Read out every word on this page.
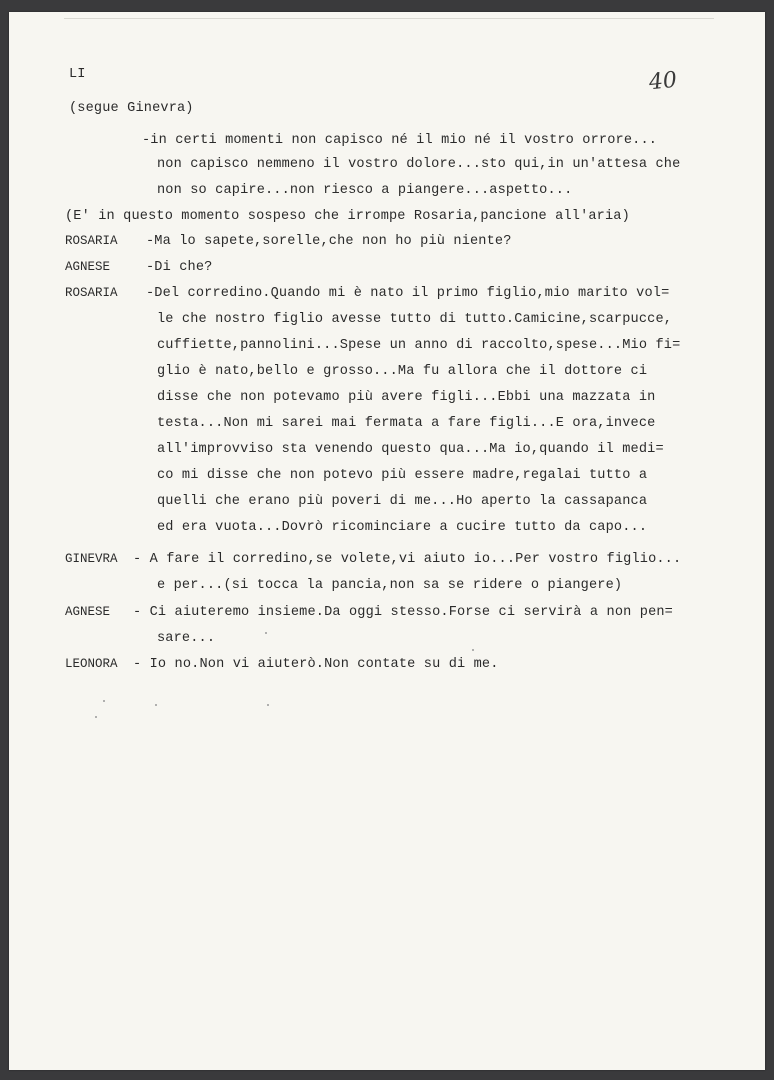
LI	40
(segue Ginevra)
-in certi momenti non capisco né il mio né il vostro orrore...
non capisco nemmeno il vostro dolore...sto qui,in un'attesa che
non so capire...non riesco a piangere...aspetto...
(E' in questo momento sospeso che irrompe Rosaria,pancione all'aria)
ROSARIA -Ma lo sapete,sorelle,che non ho più niente?
AGNESE	-Di che?
ROSARIA -Del corredino.Quando mi è nato il primo figlio,mio marito vol=
le che nostro figlio avesse tutto di tutto.Camicine,scarpucce,
cuffiette,pannolini...Spese un anno di raccolto,spese...Mio fi=
glio è nato,bello e grosso...Ma fu allora che il dottore ci
disse che non potevamo più avere figli...Ebbi una mazzata in
testa...Non mi sarei mai fermata a fare figli...E ora,invece
all'improvviso sta venendo questo qua...Ma io,quando il medi=
co mi disse che non potevo più essere madre,regalai tutto a
quelli che erano più poveri di me...Ho aperto la cassapanca
ed era vuota...Dovrò ricominciare a cucire tutto da capo...
GINEVRA - A fare il corredino,se volete,vi aiuto io...Per vostro figlio...
e per...(si tocca la pancia,non sa se ridere o piangere)
AGNESE - Ci aiuteremo insieme.Da oggi stesso.Forse ci servirà a non pen=
sare...
LEONORA - Io no.Non vi aiuterò.Non contate su di me.
